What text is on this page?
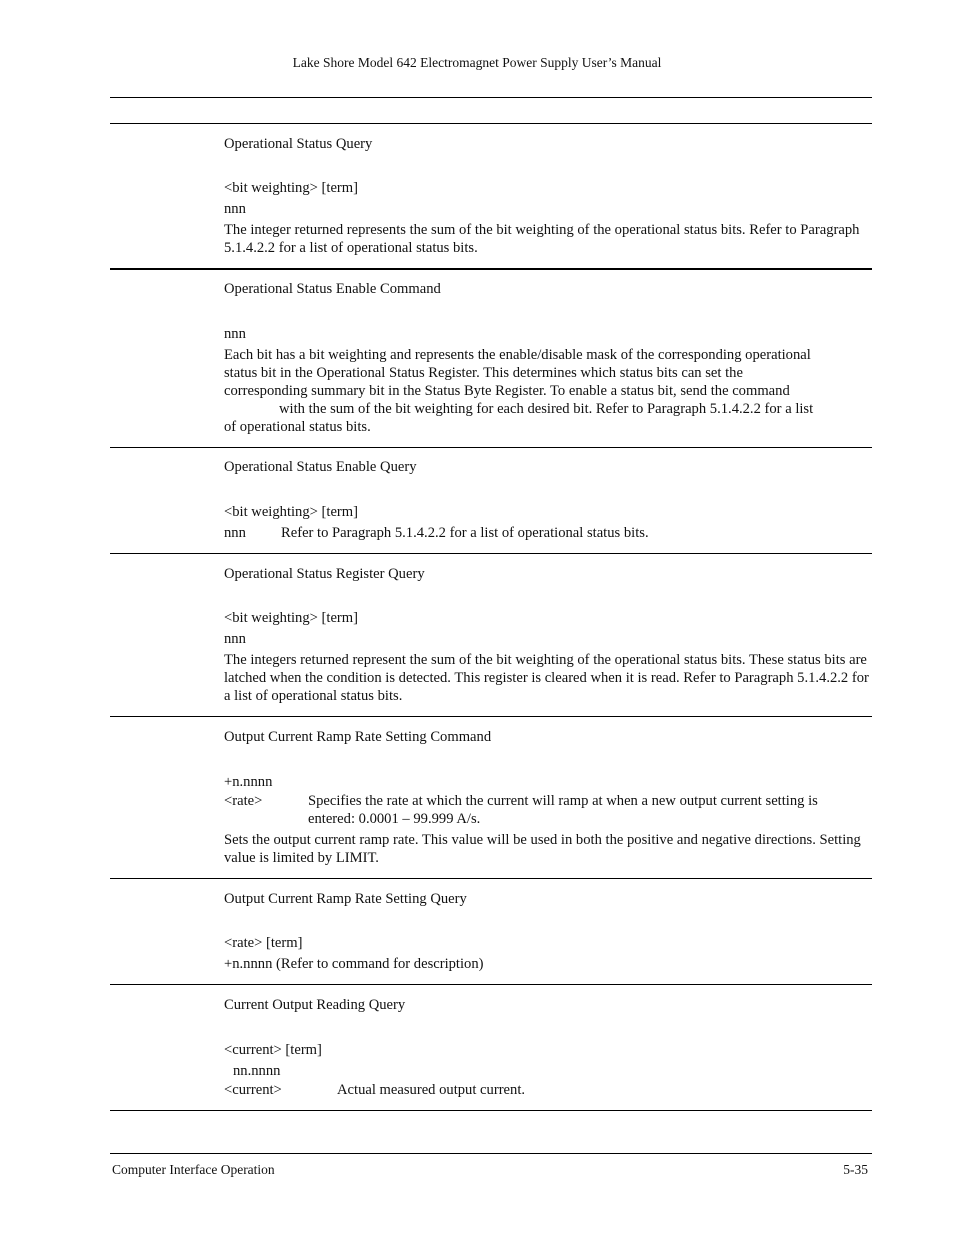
Lake Shore Model 642 Electromagnet Power Supply User’s Manual
Operational Status Query
<bit weighting> [term]
nnn
The integer returned represents the sum of the bit weighting of the operational status bits. Refer to Paragraph 5.1.4.2.2 for a list of operational status bits.
Operational Status Enable Command
nnn
Each bit has a bit weighting and represents the enable/disable mask of the corresponding operational
status bit in the Operational Status Register. This determines which status bits can set the
corresponding summary bit in the Status Byte Register. To enable a status bit, send the command
with the sum of the bit weighting for each desired bit. Refer to Paragraph 5.1.4.2.2 for a list
of operational status bits.
Operational Status Enable Query
<bit weighting> [term]
nnn Refer to Paragraph 5.1.4.2.2 for a list of operational status bits.
Operational Status Register Query
<bit weighting> [term]
nnn
The integers returned represent the sum of the bit weighting of the operational status bits. These status bits are latched when the condition is detected. This register is cleared when it is read. Refer to Paragraph 5.1.4.2.2 for a list of operational status bits.
Output Current Ramp Rate Setting Command
+n.nnnn
<rate>	Specifies the rate at which the current will ramp at when a new output current setting is entered: 0.0001 – 99.999 A/s.
Sets the output current ramp rate. This value will be used in both the positive and negative directions. Setting value is limited by LIMIT.
Output Current Ramp Rate Setting Query
<rate> [term]
+n.nnnn (Refer to command for description)
Current Output Reading Query
<current> [term]
nn.nnnn
<current>	Actual measured output current.
Computer Interface Operation	5-35
